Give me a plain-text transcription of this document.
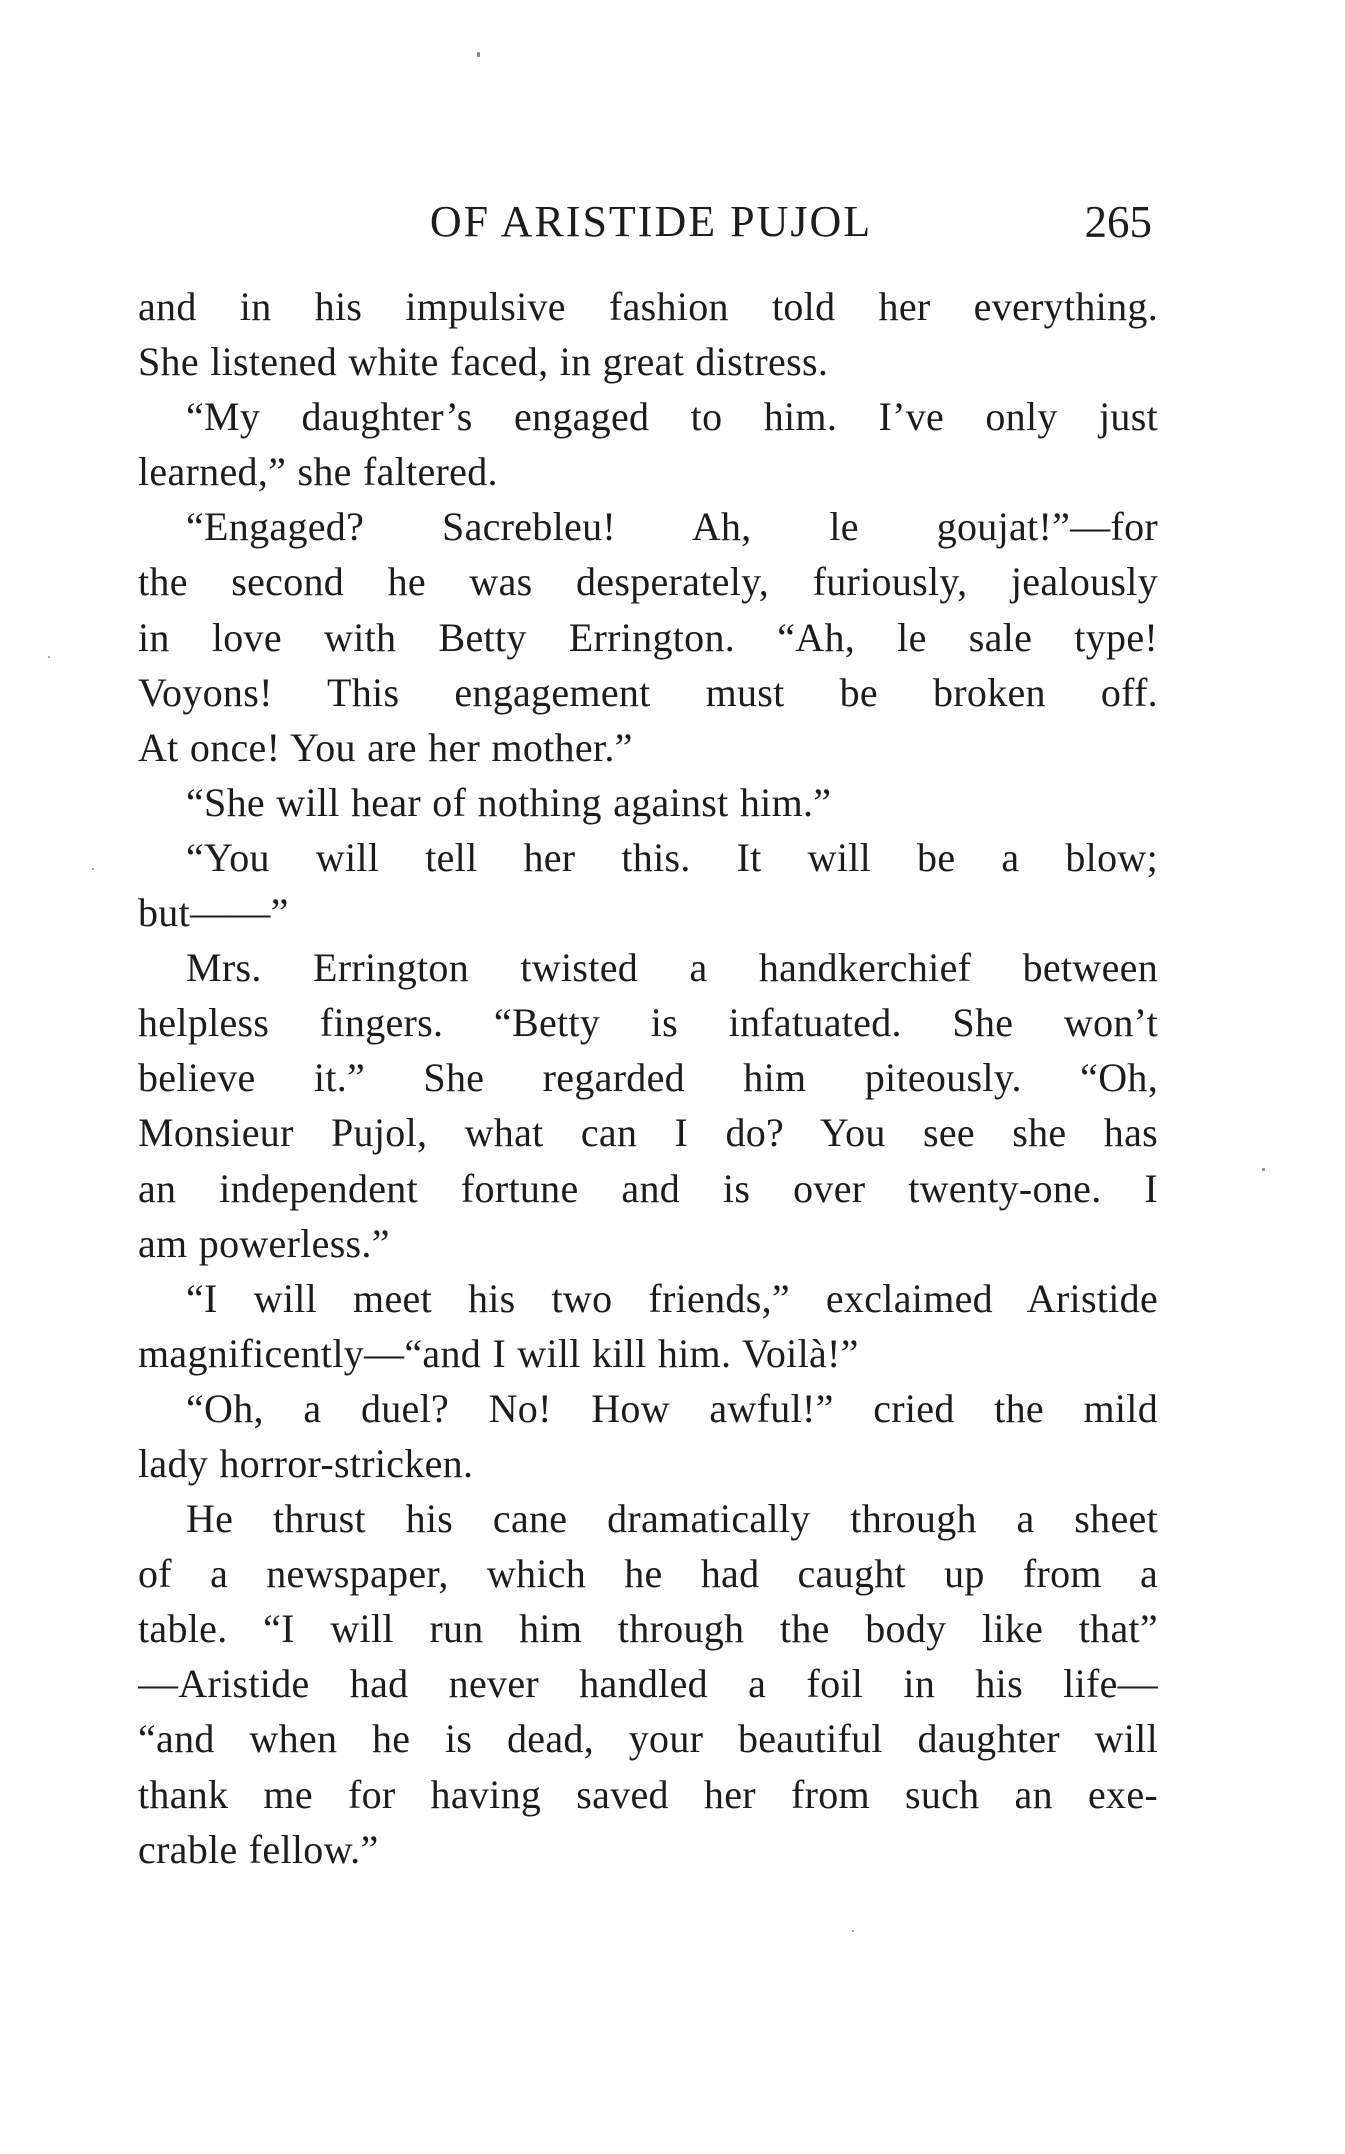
OF ARISTIDE PUJOL	265
and in his impulsive fashion told her everything.
She listened white faced, in great distress.
“My daughter’s engaged to him. I’ve only just
learned,” she faltered.
“Engaged? Sacrebleu! Ah, le goujat!”—for
the second he was desperately, furiously, jealously
in love with Betty Errington. “Ah, le sale type!
Voyons! This engagement must be broken off.
At once! You are her mother.”
“She will hear of nothing against him.”
“You will tell her this. It will be a blow;
but——”
Mrs. Errington twisted a handkerchief between
helpless fingers. “Betty is infatuated. She won’t
believe it.” She regarded him piteously. “Oh,
Monsieur Pujol, what can I do? You see she has
an independent fortune and is over twenty-one. I
am powerless.”
“I will meet his two friends,” exclaimed Aristide
magnificently—“and I will kill him. Voilà!”
“Oh, a duel? No! How awful!” cried the mild
lady horror-stricken.
He thrust his cane dramatically through a sheet
of a newspaper, which he had caught up from a
table. “I will run him through the body like that”
—Aristide had never handled a foil in his life—
“and when he is dead, your beautiful daughter will
thank me for having saved her from such an exe-
crable fellow.”
